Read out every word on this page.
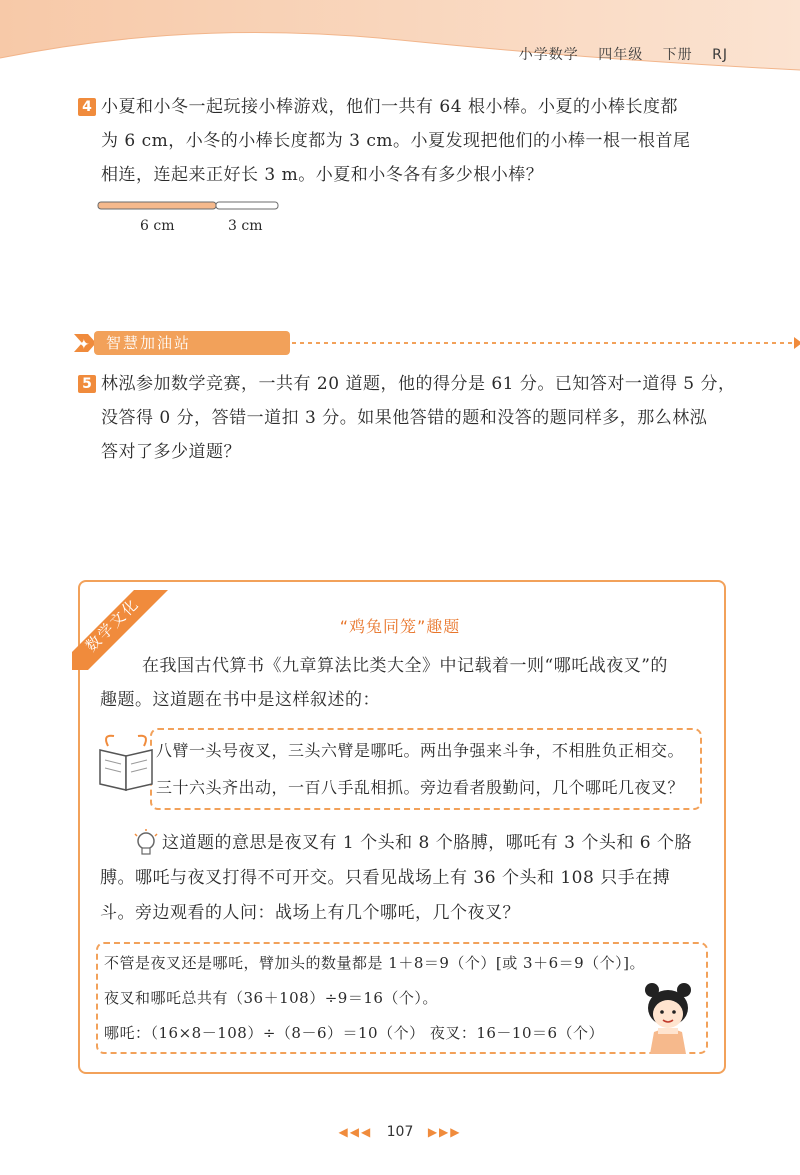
小学数学 四年级 下册 RJ
4 小夏和小冬一起玩接小棒游戏，他们一共有 64 根小棒。小夏的小棒长度都
为 6 cm，小冬的小棒长度都为 3 cm。小夏发现把他们的小棒一根一根首尾
相连，连起来正好长 3 m。小夏和小冬各有多少根小棒？
6 cm	3 cm
✦	智慧加油站
5 林泓参加数学竞赛，一共有 20 道题，他的得分是 61 分。已知答对一道得 5 分，
没答得 0 分，答错一道扣 3 分。如果他答错的题和没答的题同样多，那么林泓
答对了多少道题？
数学文化	“鸡兔同笼”趣题
在我国古代算书《九章算法比类大全》中记载着一则“哪吒战夜叉”的
趣题。这道题在书中是这样叙述的：
八臂一头号夜叉，三头六臂是哪吒。两出争强来斗争，不相胜负正相交。
三十六头齐出动，一百八手乱相抓。旁边看者殷勤问，几个哪吒几夜叉？
这道题的意思是夜叉有 1 个头和 8 个胳膊，哪吒有 3 个头和 6 个胳
膊。哪吒与夜叉打得不可开交。只看见战场上有 36 个头和 108 只手在搏
斗。旁边观看的人问：战场上有几个哪吒，几个夜叉？
不管是夜叉还是哪吒，臂加头的数量都是 1＋8＝9（个）[或 3＋6＝9（个）]。
夜叉和哪吒总共有（36＋108）÷9＝16（个）。
哪吒：（16×8－108）÷（8－6）＝10（个） 夜叉：16－10＝6（个）
◀◀◀ 107 ▶▶▶
